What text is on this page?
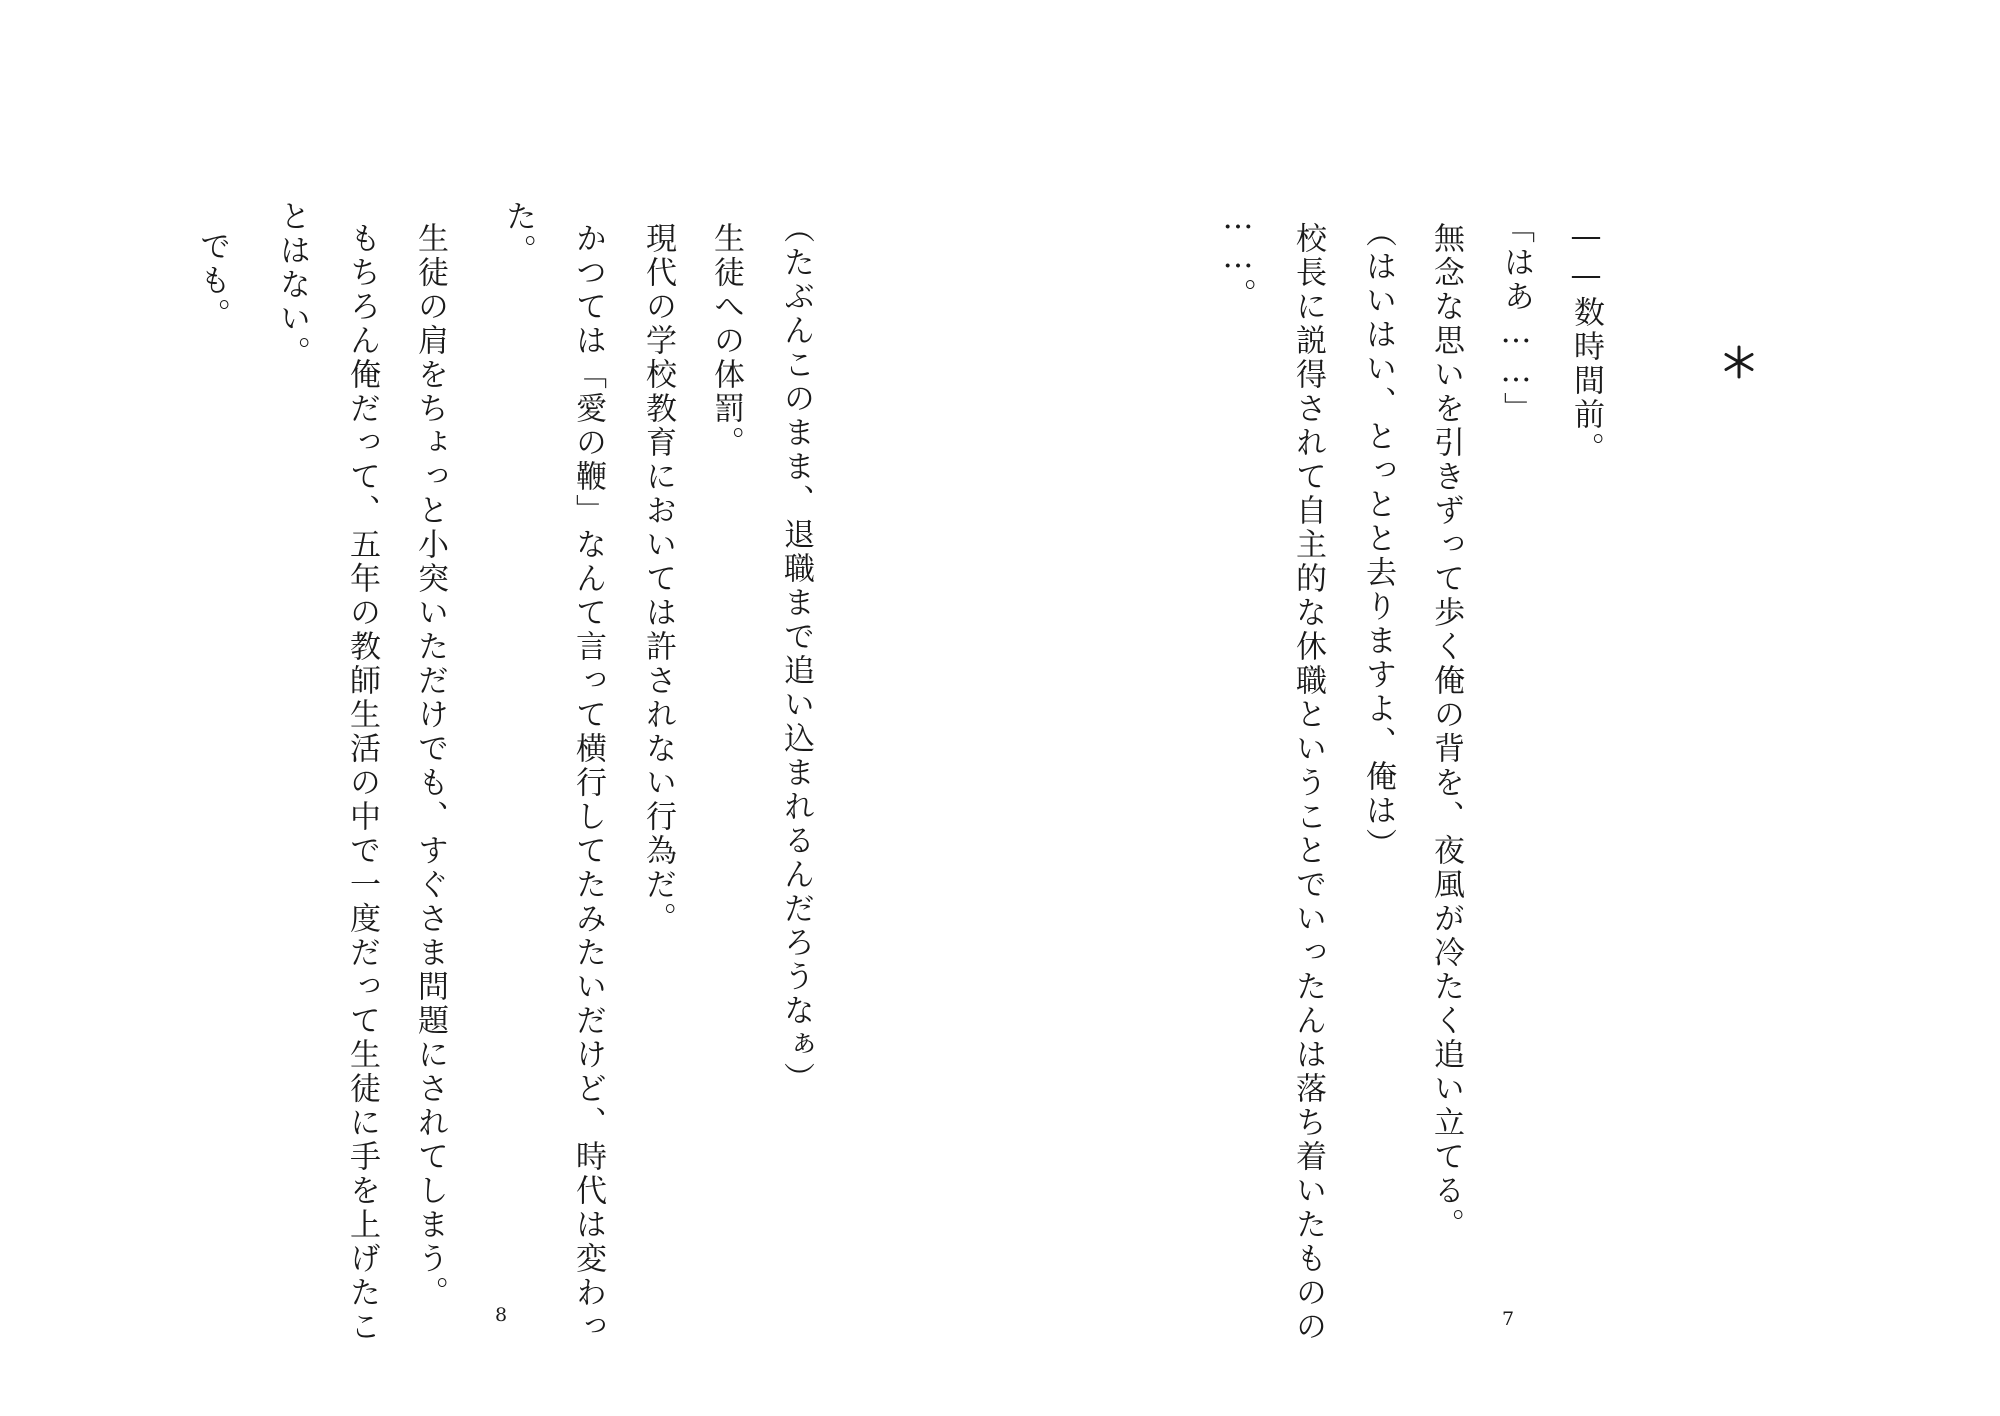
——数時間前。
「はあ……」
無念な思いを引きずって歩く俺の背を、夜風が冷たく追い立てる。
（はいはい、とっとと去りますよ、俺は）
校長に説得されて自主的な休職ということでいったんは落ち着いたものの
……。
7
（たぶんこのまま、退職まで追い込まれるんだろうなぁ）
生徒への体罰。
現代の学校教育においては許されない行為だ。
かつては「愛の鞭」なんて言って横行してたみたいだけど、時代は変わっ
た。
生徒の肩をちょっと小突いただけでも、すぐさま問題にされてしまう。
もちろん俺だって、五年の教師生活の中で一度だって生徒に手を上げたこ
とはない。
でも。
8
